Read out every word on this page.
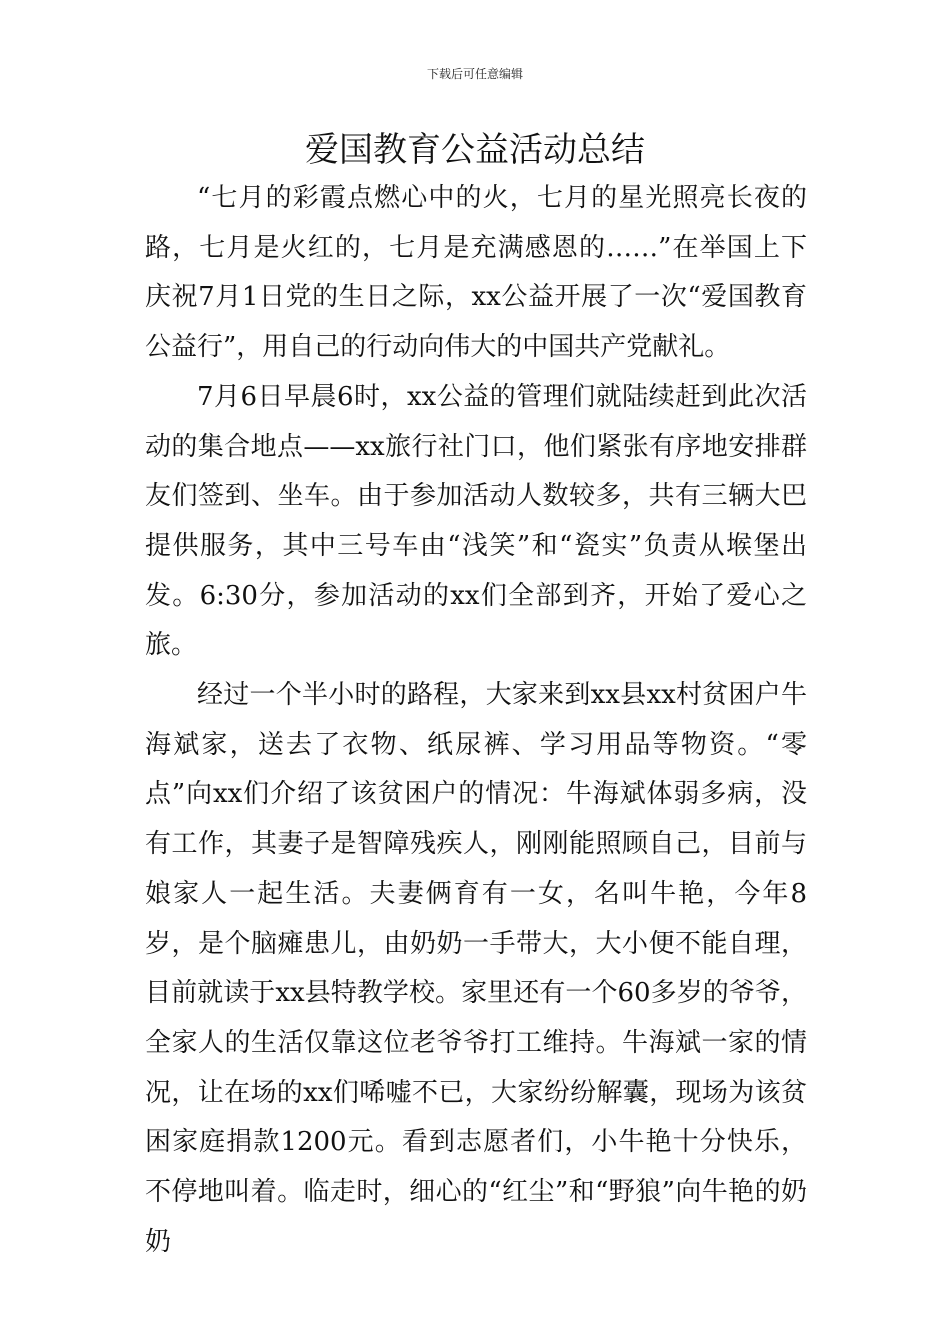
下载后可任意编辑
爱国教育公益活动总结

“七月的彩霞点燃心中的火，七月的星光照亮长夜的路，七月是火红的，七月是充满感恩的……”在举国上下庆祝7月1日党的生日之际，xx公益开展了一次“爱国教育公益行”，用自己的行动向伟大的中国共产党献礼。

7月6日早晨6时，xx公益的管理们就陆续赶到此次活动的集合地点——xx旅行社门口，他们紧张有序地安排群友们签到、坐车。由于参加活动人数较多，共有三辆大巴提供服务，其中三号车由“浅笑”和“瓷实”负责从堠堡出发。6:30分，参加活动的xx们全部到齐，开始了爱心之旅。

经过一个半小时的路程，大家来到xx县xx村贫困户牛海斌家，送去了衣物、纸尿裤、学习用品等物资。“零点”向xx们介绍了该贫困户的情况：牛海斌体弱多病，没有工作，其妻子是智障残疾人，刚刚能照顾自己，目前与娘家人一起生活。夫妻俩育有一女，名叫牛艳，今年8岁，是个脑瘫患儿，由奶奶一手带大，大小便不能自理，目前就读于xx县特教学校。家里还有一个60多岁的爷爷，全家人的生活仅靠这位老爷爷打工维持。牛海斌一家的情况，让在场的xx们唏嘘不已，大家纷纷解囊，现场为该贫困家庭捐款1200元。看到志愿者们，小牛艳十分快乐，不停地叫着。临走时，细心的“红尘”和“野狼”向牛艳的奶奶
